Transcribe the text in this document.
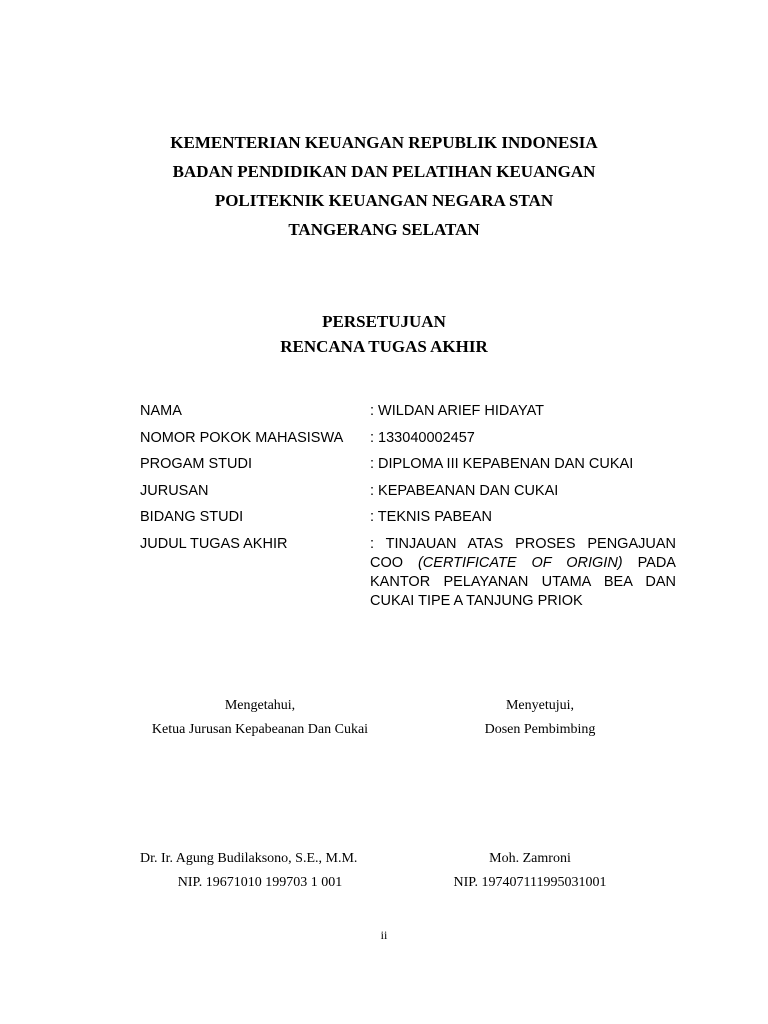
KEMENTERIAN KEUANGAN REPUBLIK INDONESIA
BADAN PENDIDIKAN DAN PELATIHAN KEUANGAN
POLITEKNIK KEUANGAN NEGARA STAN
TANGERANG SELATAN
PERSETUJUAN
RENCANA TUGAS AKHIR
NAMA	: WILDAN ARIEF HIDAYAT
NOMOR POKOK MAHASISWA	: 133040002457
PROGAM STUDI	: DIPLOMA III KEPABENAN DAN CUKAI
JURUSAN	: KEPABEANAN DAN CUKAI
BIDANG STUDI	: TEKNIS PABEAN
JUDUL TUGAS AKHIR	: TINJAUAN ATAS PROSES PENGAJUAN COO (CERTIFICATE OF ORIGIN) PADA KANTOR PELAYANAN UTAMA BEA DAN CUKAI TIPE A TANJUNG PRIOK
Mengetahui,
Ketua Jurusan Kepabeanan Dan Cukai
Menyetujui,
Dosen Pembimbing
Dr. Ir. Agung Budilaksono, S.E., M.M.
NIP. 19671010 199703 1 001
Moh. Zamroni
NIP. 197407111995031001
ii
